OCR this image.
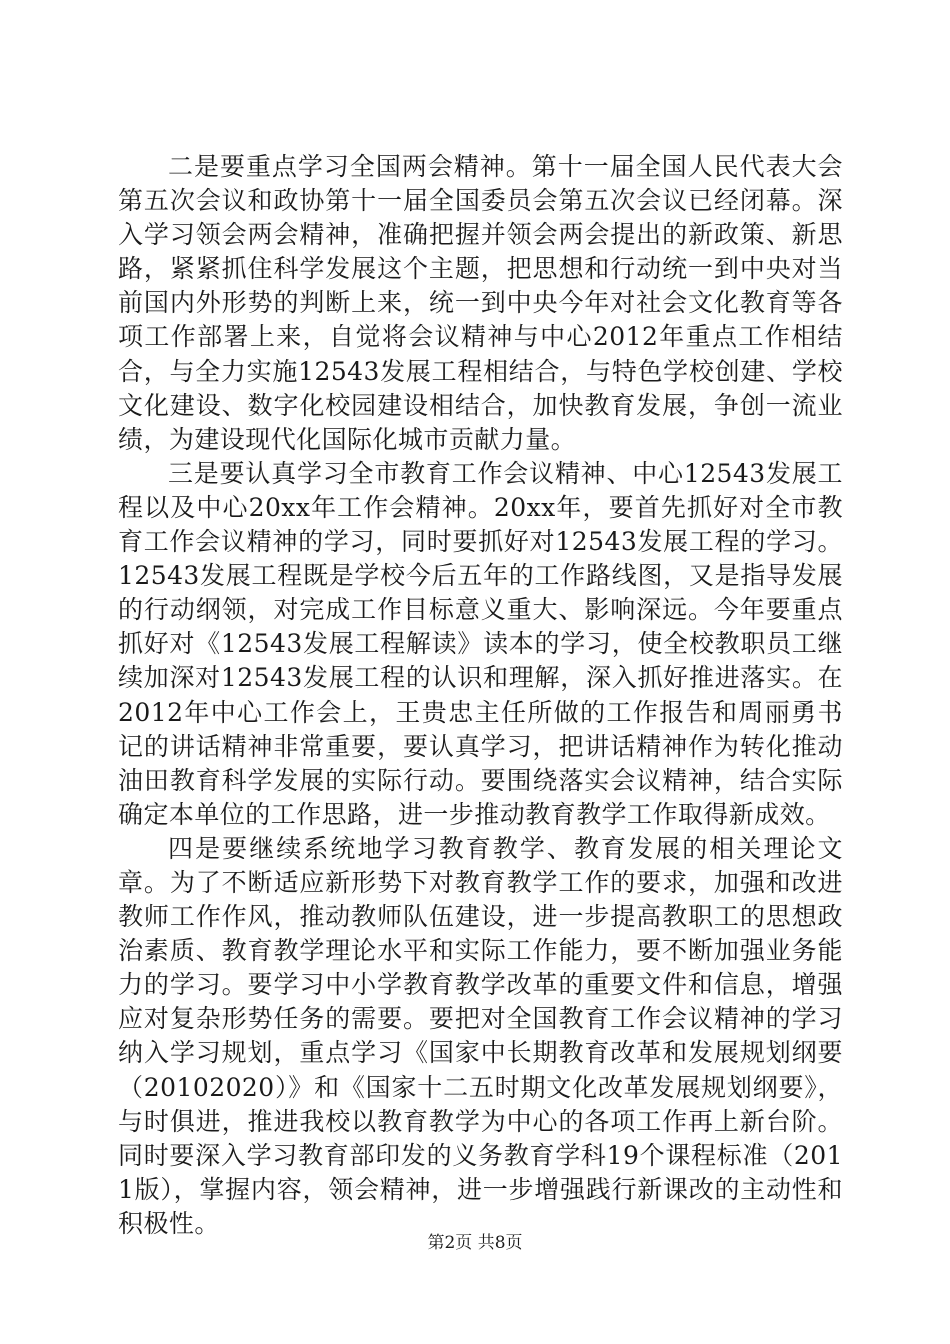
二是要重点学习全国两会精神。第十一届全国人民代表大会第五次会议和政协第十一届全国委员会第五次会议已经闭幕。深入学习领会两会精神，准确把握并领会两会提出的新政策、新思路，紧紧抓住科学发展这个主题，把思想和行动统一到中央对当前国内外形势的判断上来，统一到中央今年对社会文化教育等各项工作部署上来，自觉将会议精神与中心2012年重点工作相结合，与全力实施12543发展工程相结合，与特色学校创建、学校文化建设、数字化校园建设相结合，加快教育发展，争创一流业绩，为建设现代化国际化城市贡献力量。

三是要认真学习全市教育工作会议精神、中心12543发展工程以及中心20xx年工作会精神。20xx年，要首先抓好对全市教育工作会议精神的学习，同时要抓好对12543发展工程的学习。12543发展工程既是学校今后五年的工作路线图，又是指导发展的行动纲领，对完成工作目标意义重大、影响深远。今年要重点抓好对《12543发展工程解读》读本的学习，使全校教职员工继续加深对12543发展工程的认识和理解，深入抓好推进落实。在2012年中心工作会上，王贵忠主任所做的工作报告和周丽勇书记的讲话精神非常重要，要认真学习，把讲话精神作为转化推动油田教育科学发展的实际行动。要围绕落实会议精神，结合实际确定本单位的工作思路，进一步推动教育教学工作取得新成效。

四是要继续系统地学习教育教学、教育发展的相关理论文章。为了不断适应新形势下对教育教学工作的要求，加强和改进教师工作作风，推动教师队伍建设，进一步提高教职工的思想政治素质、教育教学理论水平和实际工作能力，要不断加强业务能力的学习。要学习中小学教育教学改革的重要文件和信息，增强应对复杂形势任务的需要。要把对全国教育工作会议精神的学习纳入学习规划，重点学习《国家中长期教育改革和发展规划纲要（20102020）》和《国家十二五时期文化改革发展规划纲要》，与时俱进，推进我校以教育教学为中心的各项工作再上新台阶。同时要深入学习教育部印发的义务教育学科19个课程标准（2011版），掌握内容，领会精神，进一步增强践行新课改的主动性和积极性。

第2页 共8页
